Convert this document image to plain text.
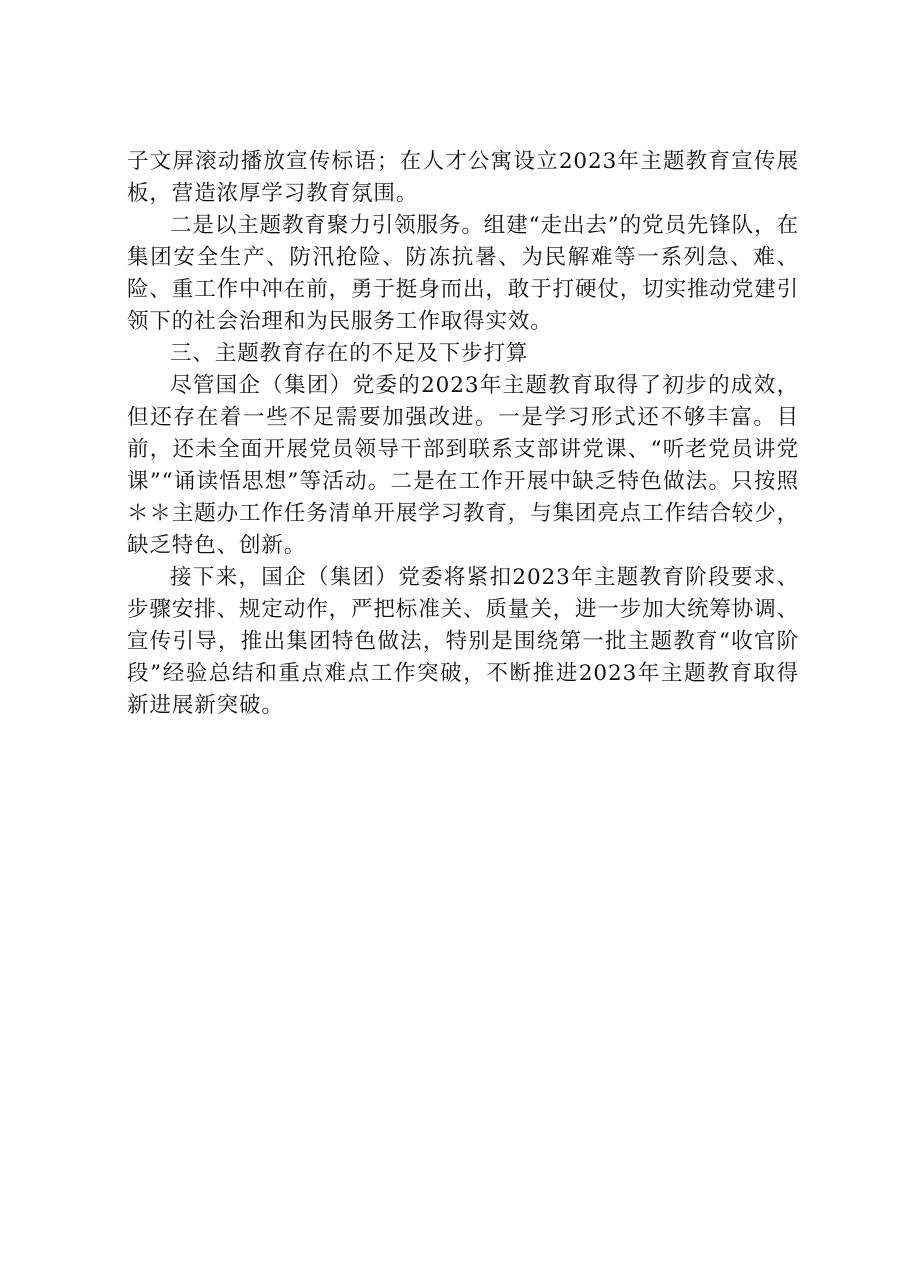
子文屏滚动播放宣传标语；在人才公寓设立2023年主题教育宣传展板，营造浓厚学习教育氛围。

二是以主题教育聚力引领服务。组建“走出去”的党员先锋队，在集团安全生产、防汛抢险、防冻抗暑、为民解难等一系列急、难、险、重工作中冲在前，勇于挺身而出，敢于打硬仗，切实推动党建引领下的社会治理和为民服务工作取得实效。

三、主题教育存在的不足及下步打算

尽管国企（集团）党委的2023年主题教育取得了初步的成效，但还存在着一些不足需要加强改进。一是学习形式还不够丰富。目前，还未全面开展党员领导干部到联系支部讲党课、“听老党员讲党课”“诵读悟思想”等活动。二是在工作开展中缺乏特色做法。只按照＊＊主题办工作任务清单开展学习教育，与集团亮点工作结合较少，缺乏特色、创新。

接下来，国企（集团）党委将紧扣2023年主题教育阶段要求、步骤安排、规定动作，严把标准关、质量关，进一步加大统筹协调、宣传引导，推出集团特色做法，特别是围绕第一批主题教育“收官阶段”经验总结和重点难点工作突破，不断推进2023年主题教育取得新进展新突破。
